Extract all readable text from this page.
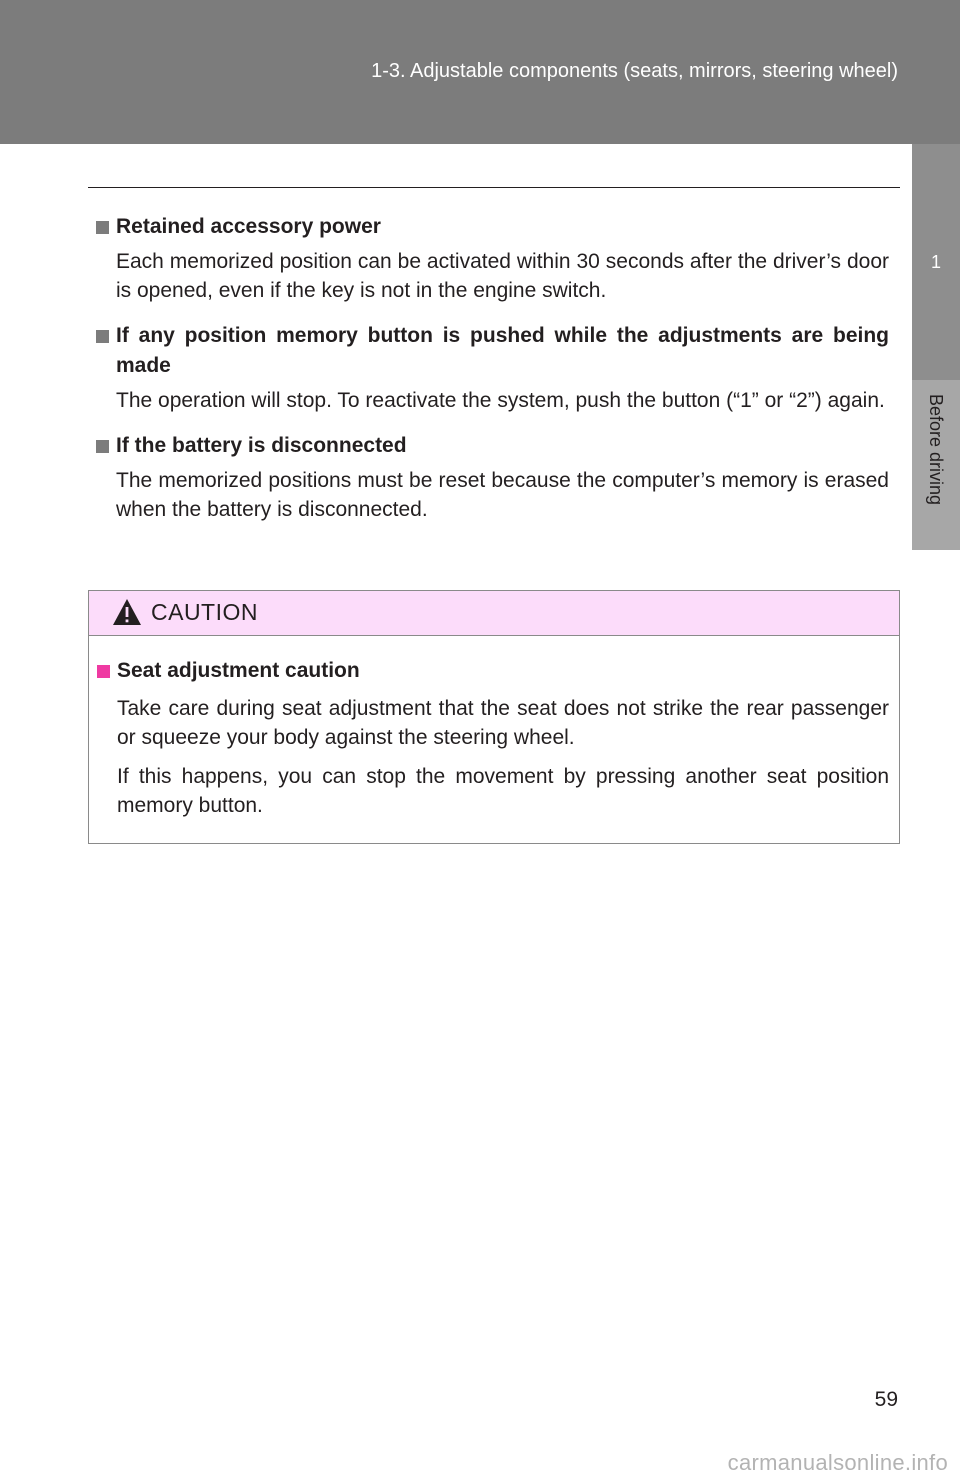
1-3. Adjustable components (seats, mirrors, steering wheel)
1
Before driving
Retained accessory power
Each memorized position can be activated within 30 seconds after the driver’s door is opened, even if the key is not in the engine switch.
If any position memory button is pushed while the adjustments are being made
The operation will stop. To reactivate the system, push the button (“1” or “2”) again.
If the battery is disconnected
The memorized positions must be reset because the computer’s memory is erased when the battery is disconnected.
CAUTION
Seat adjustment caution
Take care during seat adjustment that the seat does not strike the rear passenger or squeeze your body against the steering wheel.
If this happens, you can stop the movement by pressing another seat position memory button.
59
carmanualsonline.info
